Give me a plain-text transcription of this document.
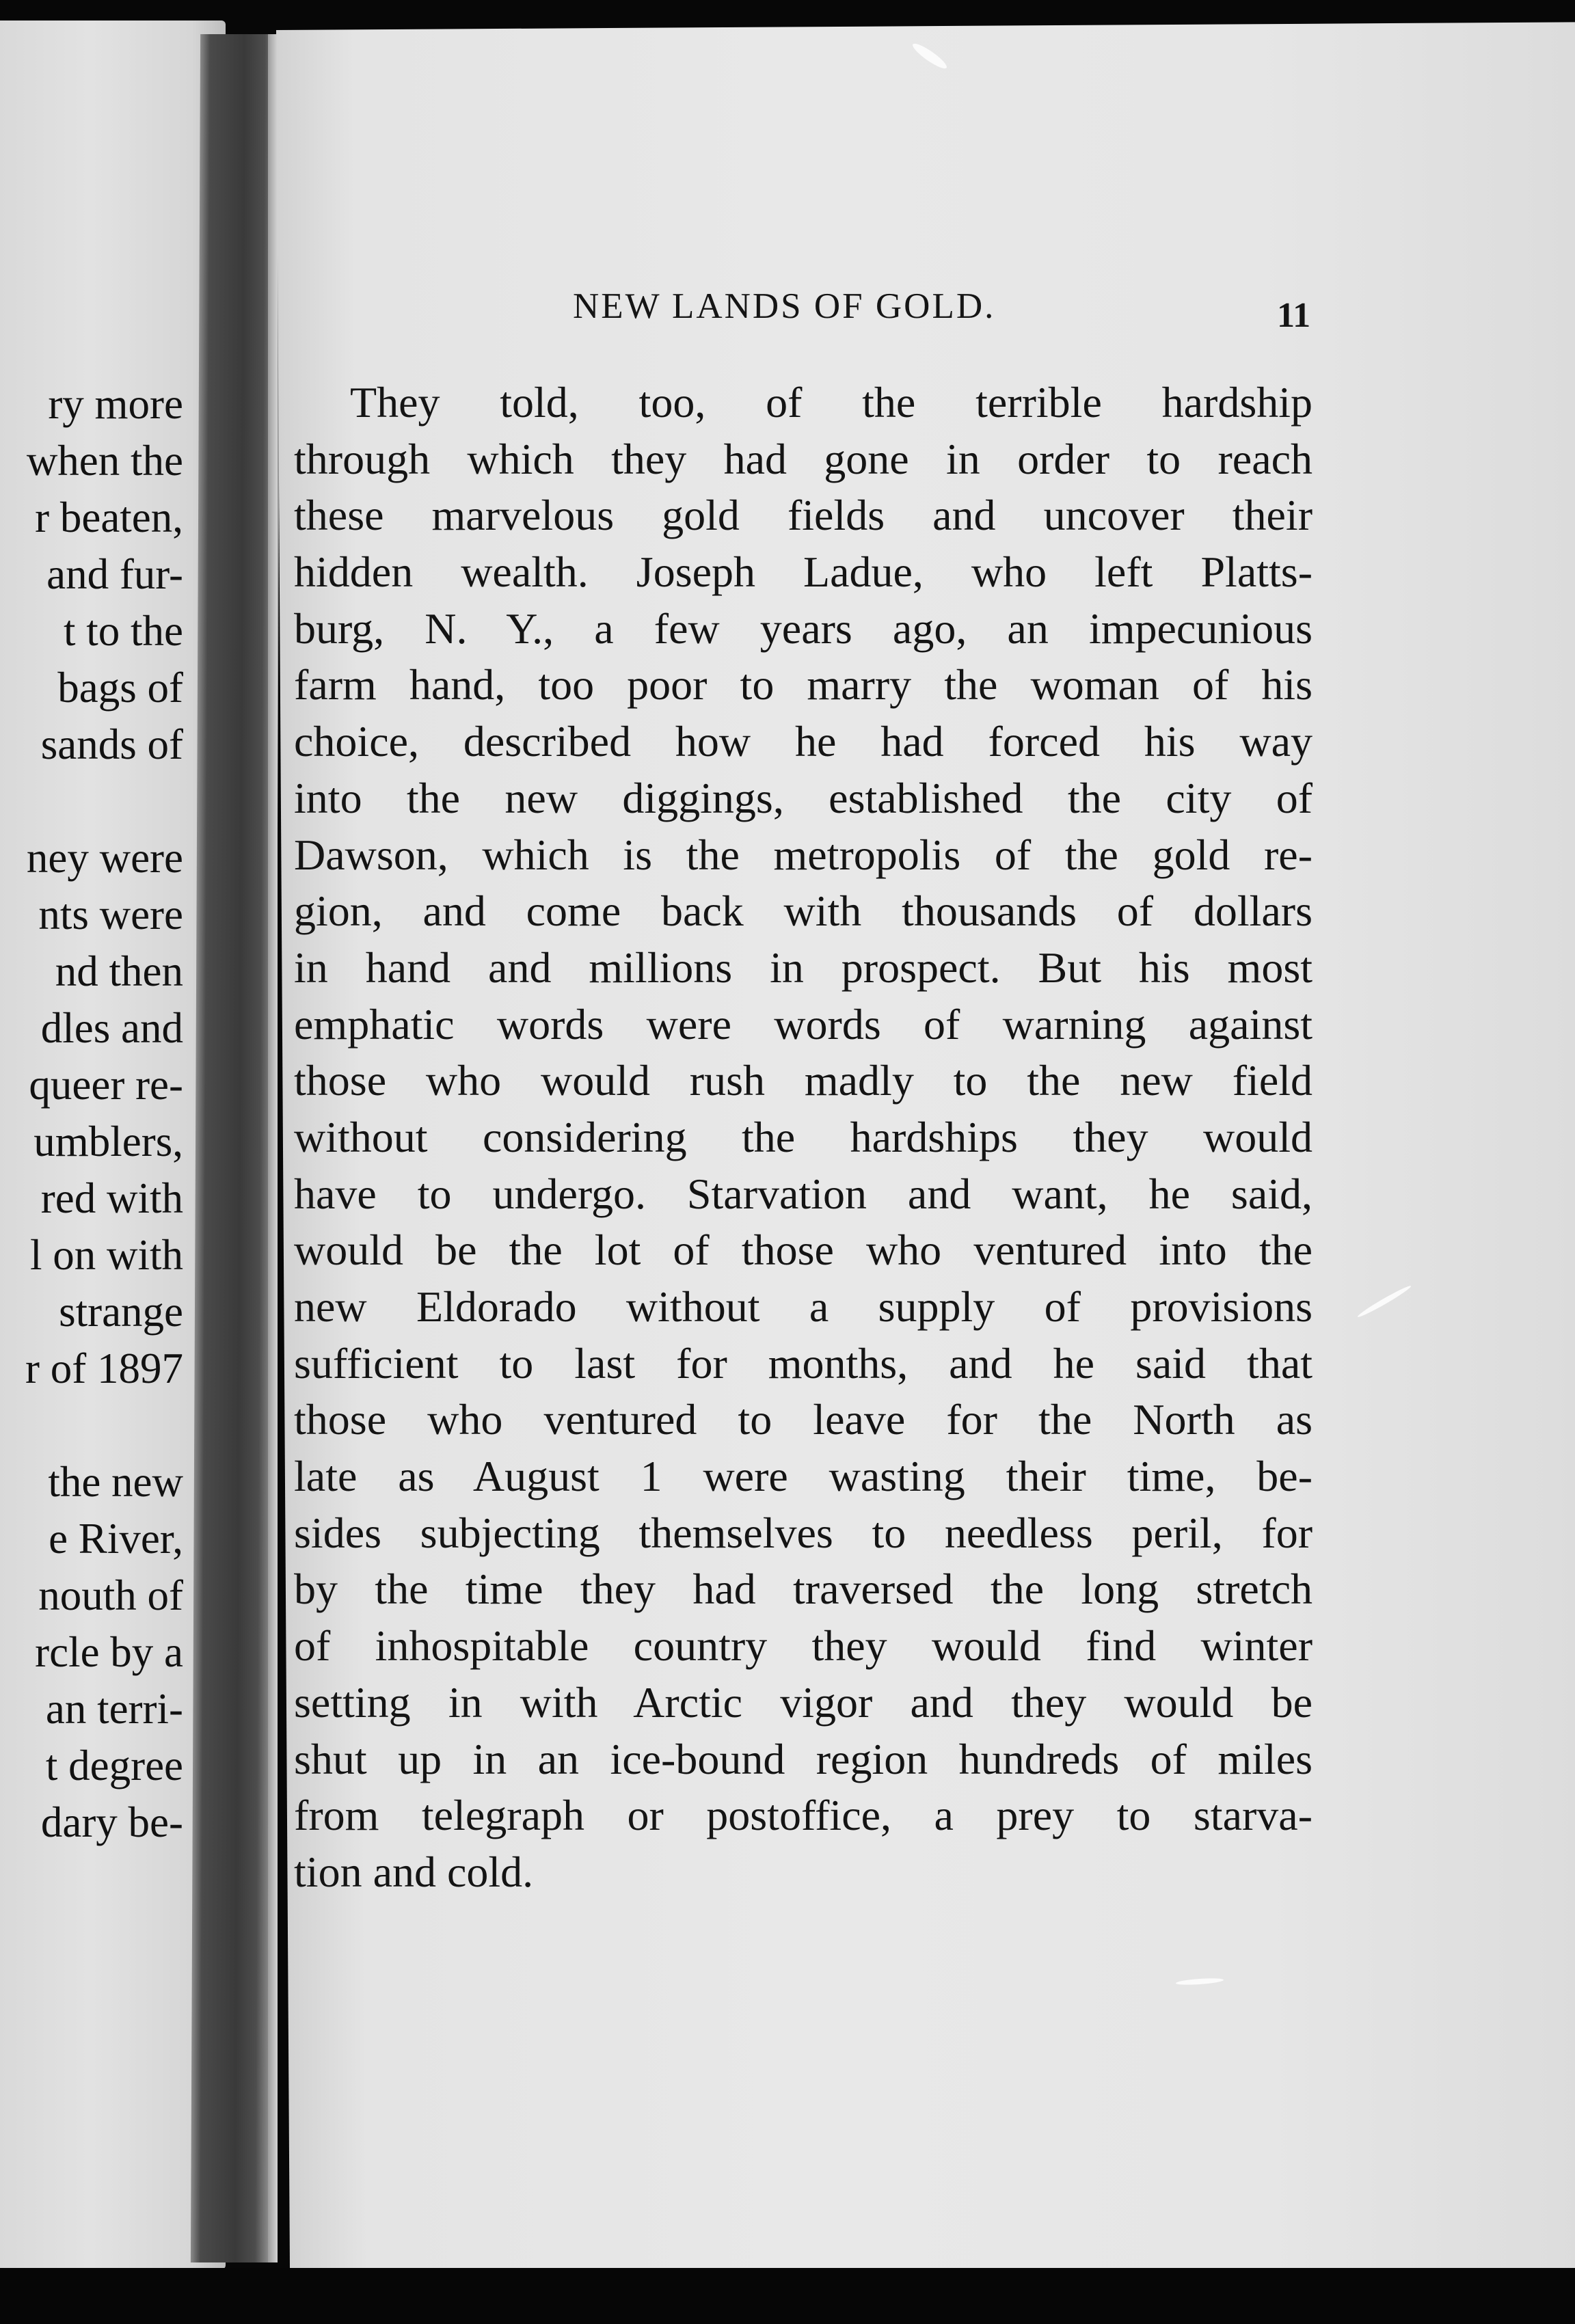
ry more
when the
r beaten,
and fur-
t to the
bags of
sands of
ney were
nts were
nd then
dles and
queer re-
umblers,
red with
l on with
strange
r of 1897
the new
e River,
nouth of
rcle by a
an terri-
t degree
dary be-
NEW LANDS OF GOLD.	11
They told, too, of the terrible hardship
through which they had gone in order to reach
these marvelous gold fields and uncover their
hidden wealth. Joseph Ladue, who left Platts-
burg, N. Y., a few years ago, an impecunious
farm hand, too poor to marry the woman of his
choice, described how he had forced his way
into the new diggings, established the city of
Dawson, which is the metropolis of the gold re-
gion, and come back with thousands of dollars
in hand and millions in prospect. But his most
emphatic words were words of warning against
those who would rush madly to the new field
without considering the hardships they would
have to undergo. Starvation and want, he said,
would be the lot of those who ventured into the
new Eldorado without a supply of provisions
sufficient to last for months, and he said that
those who ventured to leave for the North as
late as August 1 were wasting their time, be-
sides subjecting themselves to needless peril, for
by the time they had traversed the long stretch
of inhospitable country they would find winter
setting in with Arctic vigor and they would be
shut up in an ice-bound region hundreds of miles
from telegraph or postoffice, a prey to starva-
tion and cold.
